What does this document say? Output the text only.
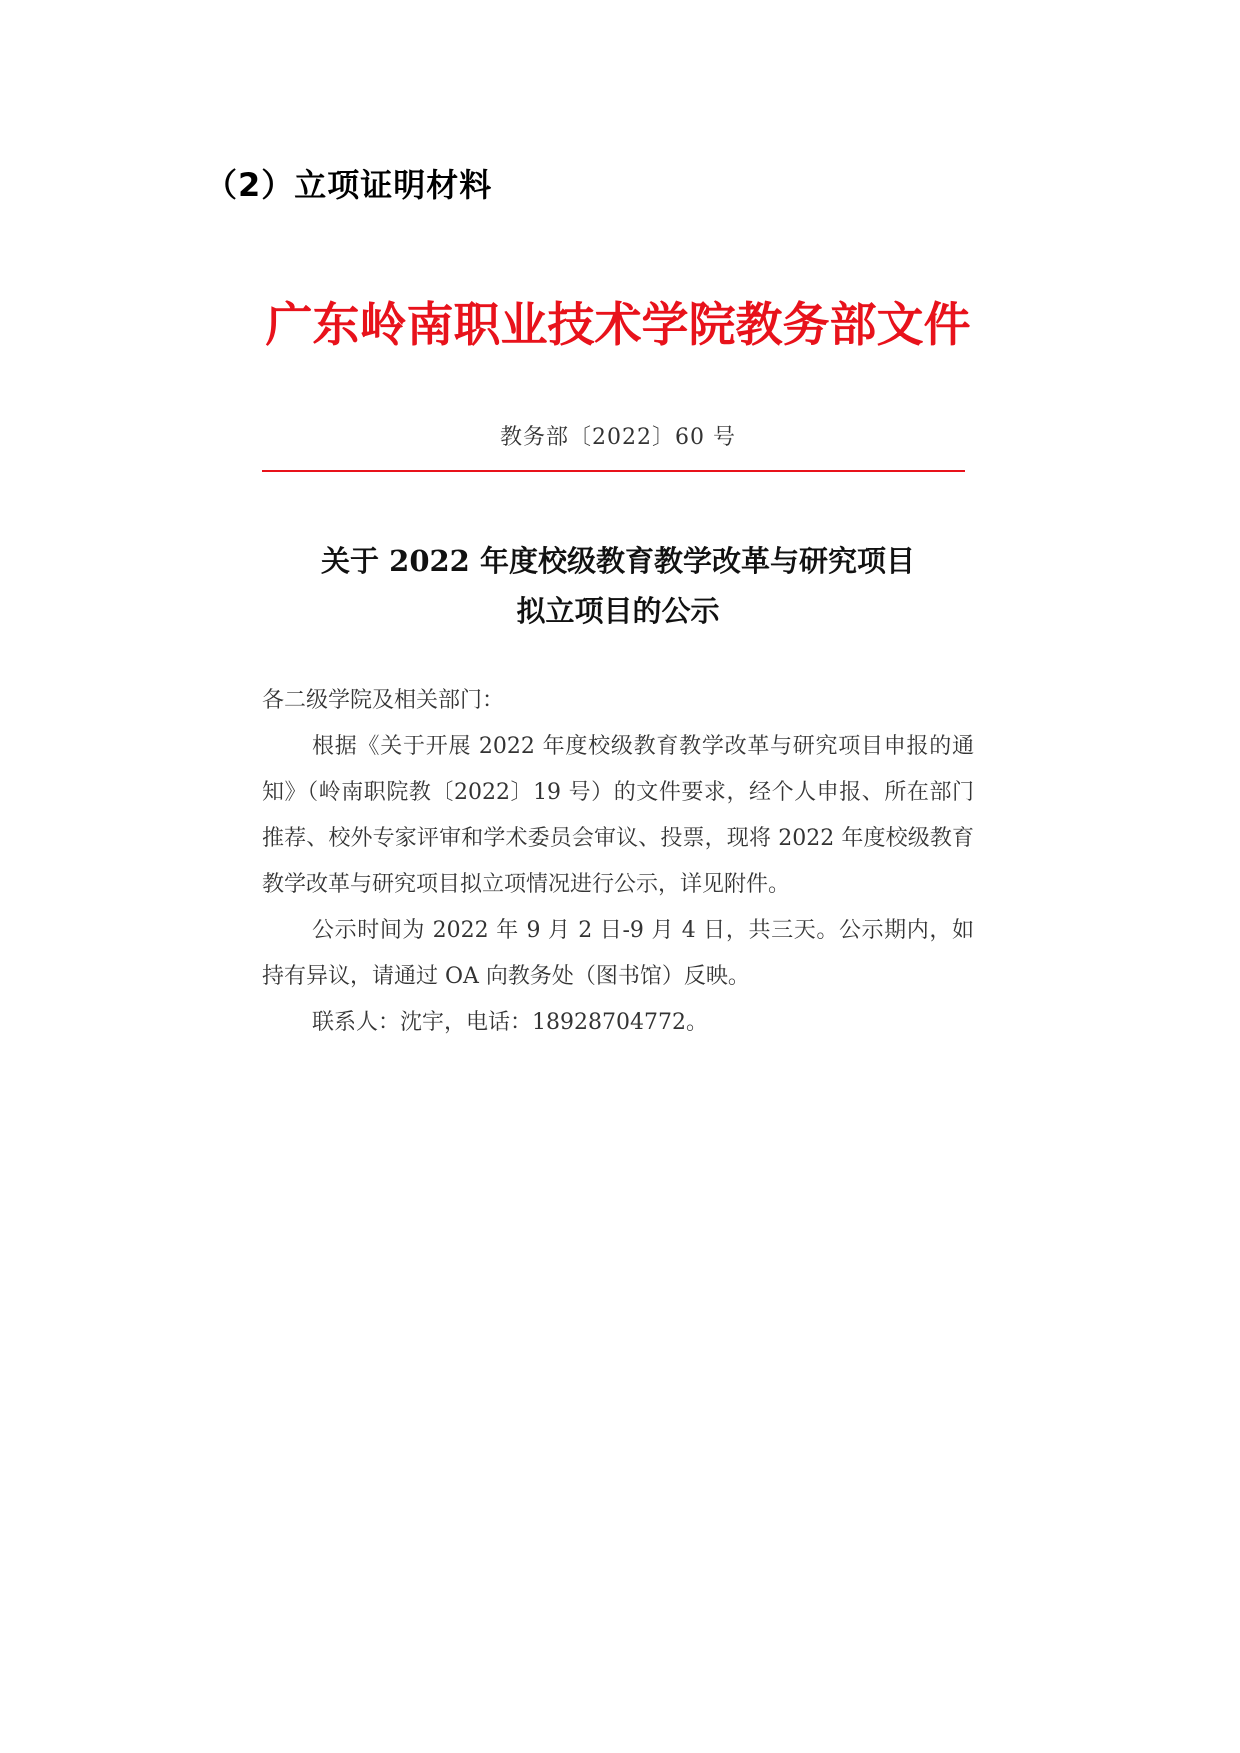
（2）立项证明材料
广东岭南职业技术学院教务部文件
教务部〔2022〕60 号
关于 2022 年度校级教育教学改革与研究项目
拟立项目的公示

各二级学院及相关部门：

根据《关于开展 2022 年度校级教育教学改革与研究项目申报的通知》（岭南职院教〔2022〕19 号）的文件要求，经个人申报、所在部门推荐、校外专家评审和学术委员会审议、投票，现将 2022 年度校级教育教学改革与研究项目拟立项情况进行公示，详见附件。

公示时间为 2022 年 9 月 2 日-9 月 4 日，共三天。公示期内，如持有异议，请通过 OA 向教务处（图书馆）反映。

联系人：沈宇，电话：18928704772。
